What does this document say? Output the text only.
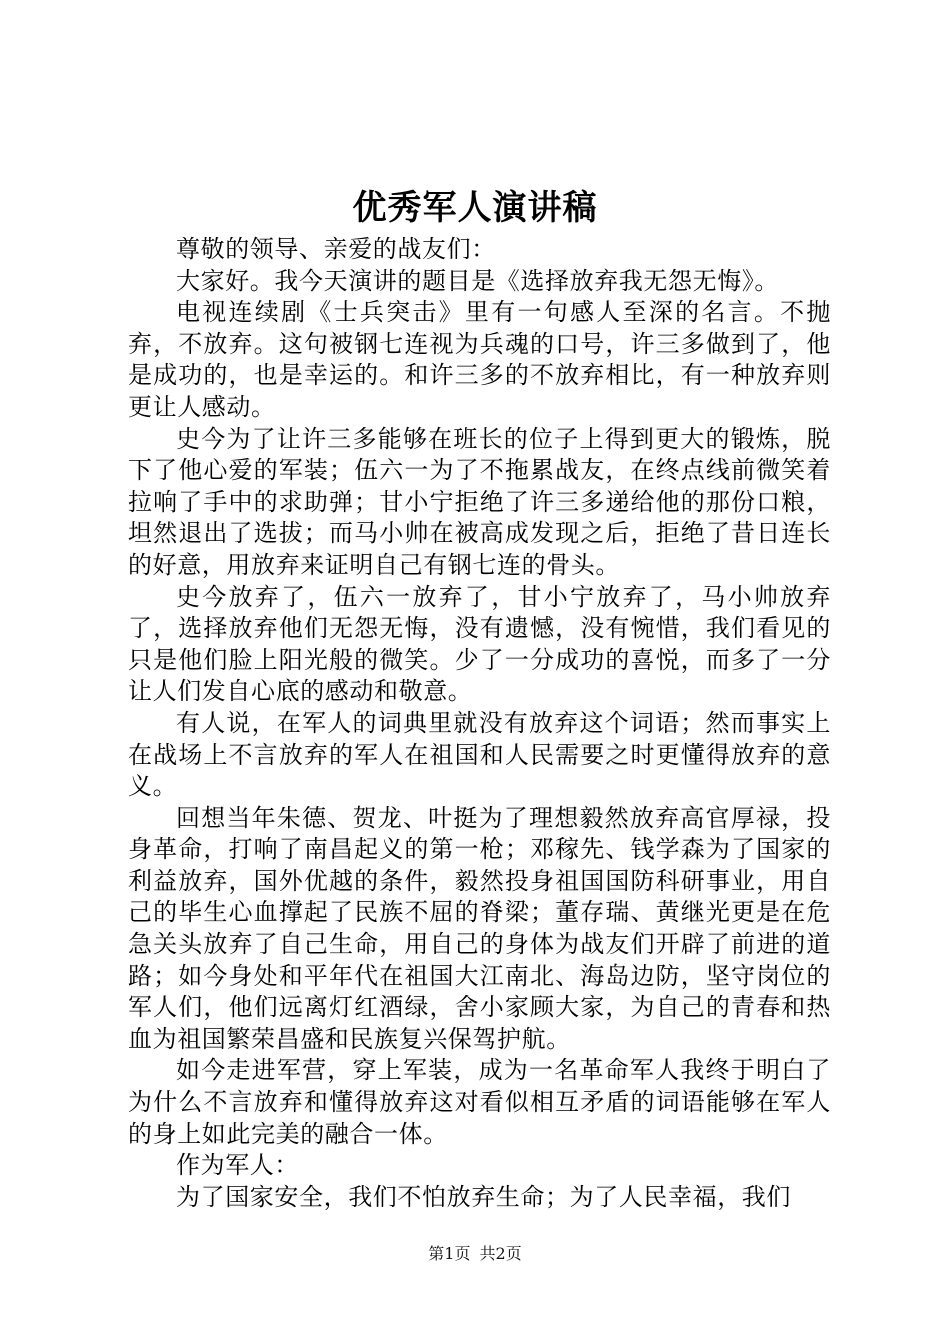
优秀军人演讲稿

尊敬的领导、亲爱的战友们：

大家好。我今天演讲的题目是《选择放弃我无怨无悔》。

电视连续剧《士兵突击》里有一句感人至深的名言。不抛弃，不放弃。这句被钢七连视为兵魂的口号，许三多做到了，他是成功的，也是幸运的。和许三多的不放弃相比，有一种放弃则更让人感动。

史今为了让许三多能够在班长的位子上得到更大的锻炼，脱下了他心爱的军装；伍六一为了不拖累战友，在终点线前微笑着拉响了手中的求助弹；甘小宁拒绝了许三多递给他的那份口粮，坦然退出了选拔；而马小帅在被高成发现之后，拒绝了昔日连长的好意，用放弃来证明自己有钢七连的骨头。

史今放弃了，伍六一放弃了，甘小宁放弃了，马小帅放弃了，选择放弃他们无怨无悔，没有遗憾，没有惋惜，我们看见的只是他们脸上阳光般的微笑。少了一分成功的喜悦，而多了一分让人们发自心底的感动和敬意。

有人说，在军人的词典里就没有放弃这个词语；然而事实上在战场上不言放弃的军人在祖国和人民需要之时更懂得放弃的意义。

回想当年朱德、贺龙、叶挺为了理想毅然放弃高官厚禄，投身革命，打响了南昌起义的第一枪；邓稼先、钱学森为了国家的利益放弃，国外优越的条件，毅然投身祖国国防科研事业，用自己的毕生心血撑起了民族不屈的脊梁；董存瑞、黄继光更是在危急关头放弃了自己生命，用自己的身体为战友们开辟了前进的道路；如今身处和平年代在祖国大江南北、海岛边防，坚守岗位的军人们，他们远离灯红酒绿，舍小家顾大家，为自己的青春和热血为祖国繁荣昌盛和民族复兴保驾护航。

如今走进军营，穿上军装，成为一名革命军人我终于明白了为什么不言放弃和懂得放弃这对看似相互矛盾的词语能够在军人的身上如此完美的融合一体。

作为军人：

为了国家安全，我们不怕放弃生命；为了人民幸福，我们

第1页 共2页
